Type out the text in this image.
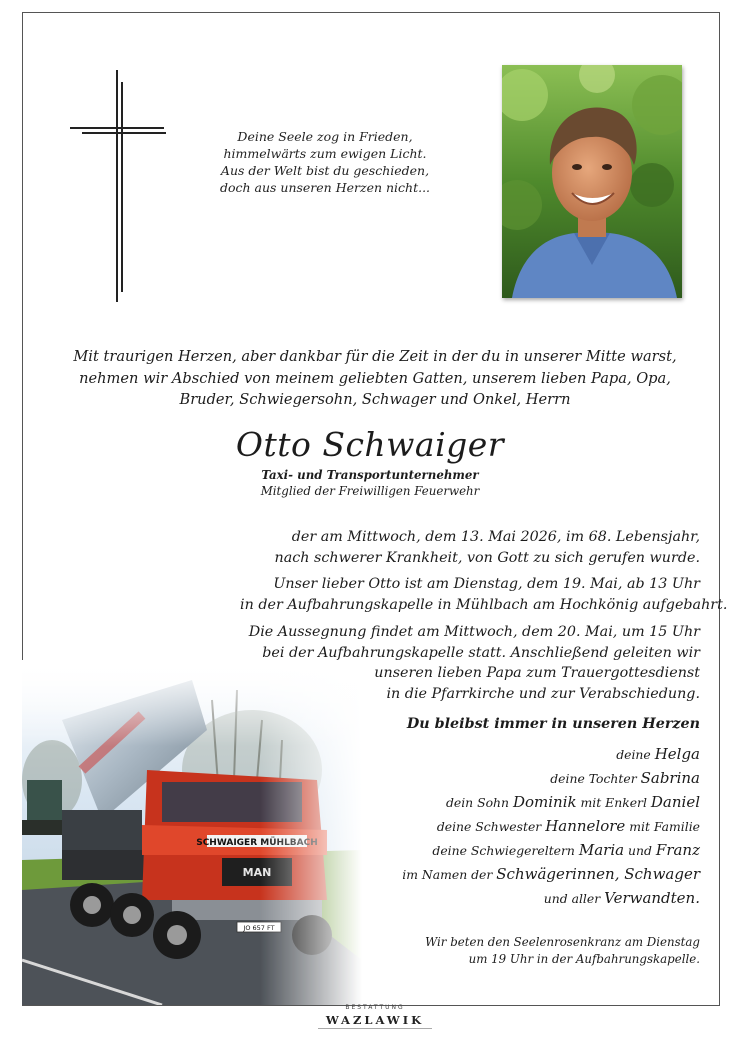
Deine Seele zog in Frieden,
himmelwärts zum ewigen Licht.
Aus der Welt bist du geschieden,
doch aus unseren Herzen nicht...
Mit traurigen Herzen, aber dankbar für die Zeit in der du in unserer Mitte warst,
nehmen wir Abschied von meinem geliebten Gatten, unserem lieben Papa, Opa,
Bruder, Schwiegersohn, Schwager und Onkel, Herrn
Otto Schwaiger
Taxi- und Transportunternehmer
Mitglied der Freiwilligen Feuerwehr
der am Mittwoch, dem 13. Mai 2026, im 68. Lebensjahr,
nach schwerer Krankheit, von Gott zu sich gerufen wurde.
Unser lieber Otto ist am Dienstag, dem 19. Mai, ab 13 Uhr
in der Aufbahrungskapelle in Mühlbach am Hochkönig aufgebahrt.
Die Aussegnung findet am Mittwoch, dem 20. Mai, um 15 Uhr
bei der Aufbahrungskapelle statt. Anschließend geleiten wir
unseren lieben Papa zum Trauergottesdienst
in die Pfarrkirche und zur Verabschiedung.
Du bleibst immer in unseren Herzen
deine Helga
deine Tochter Sabrina
dein Sohn Dominik mit Enkerl Daniel
deine Schwester Hannelore mit Familie
deine Schwiegereltern Maria und Franz
im Namen der Schwägerinnen, Schwager
und aller Verwandten.
Wir beten den Seelenrosenkranz am Dienstag
um 19 Uhr in der Aufbahrungskapelle.
BESTATTUNG
WAZLAWIK
